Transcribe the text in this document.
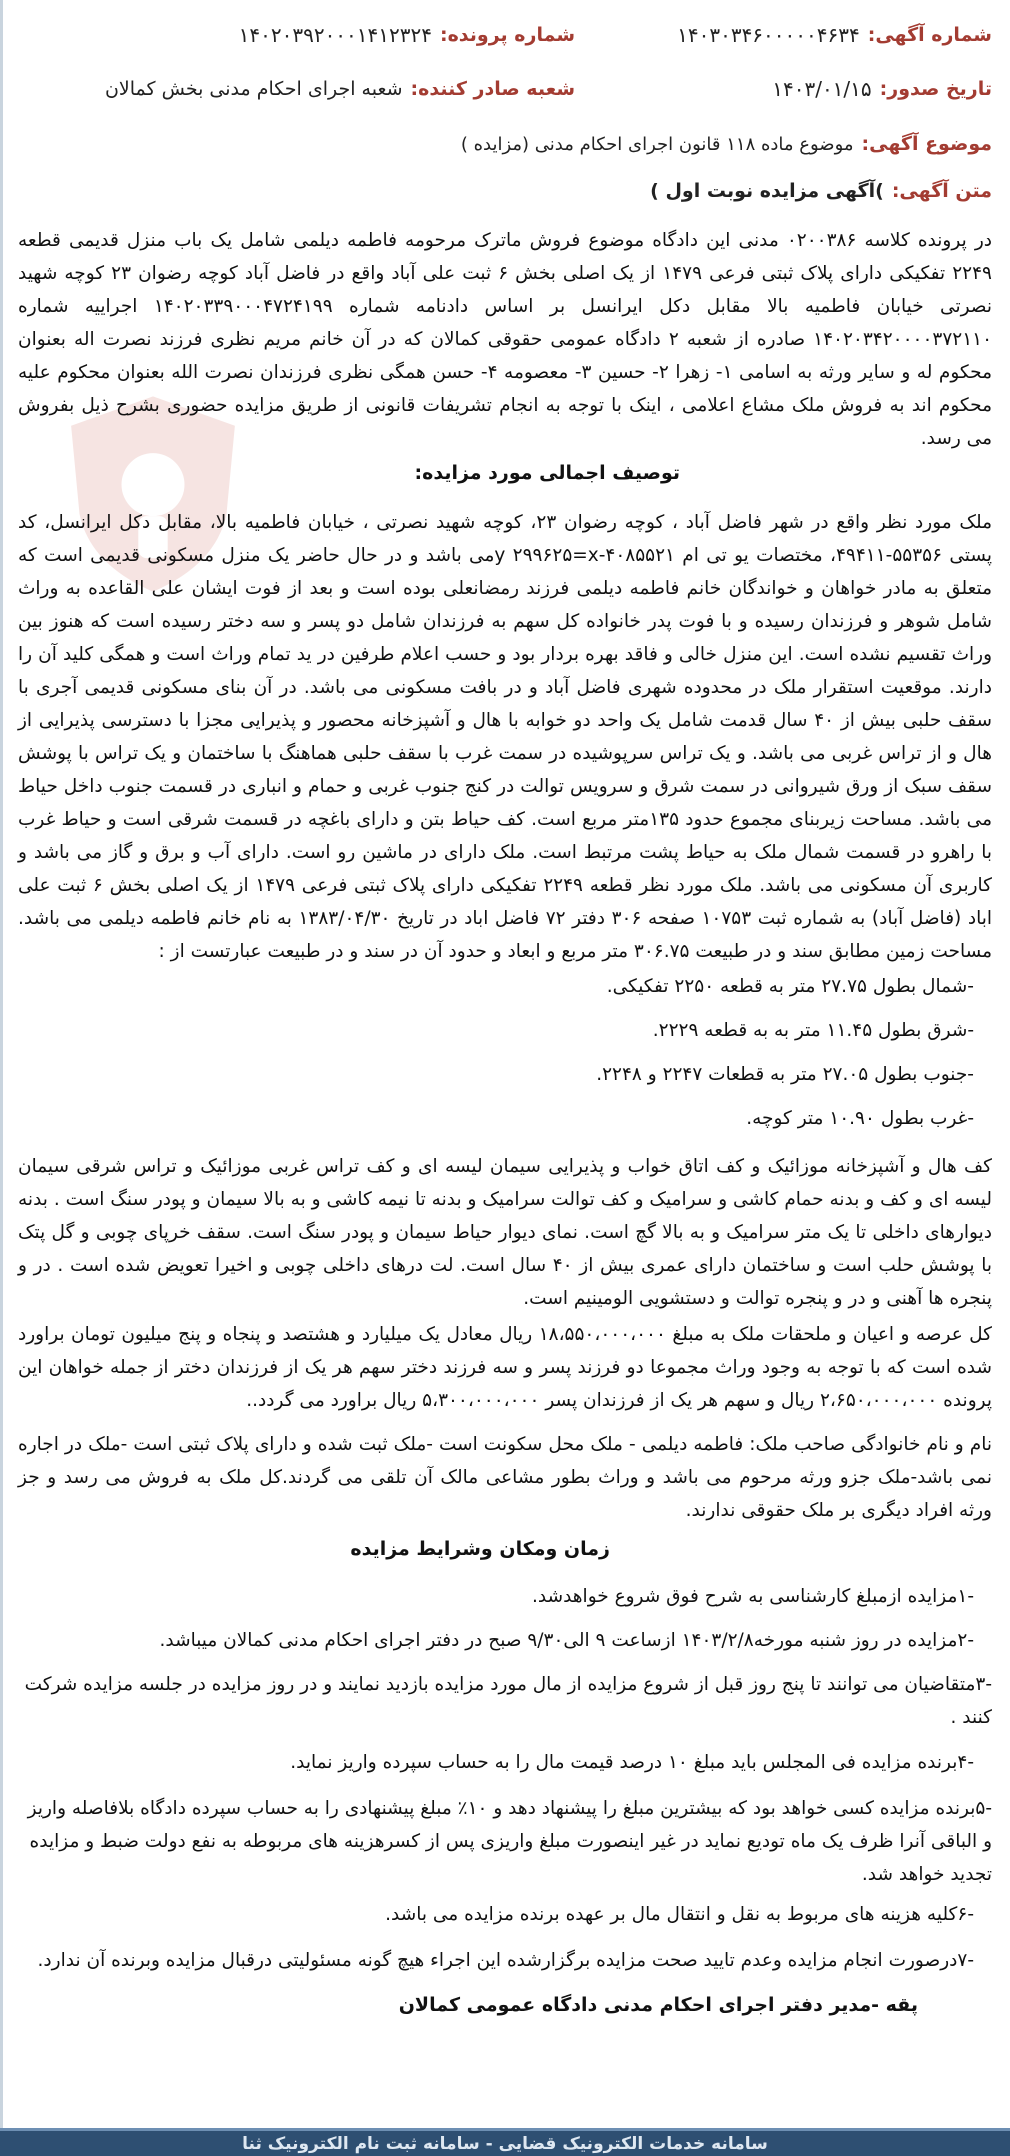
شماره آگهی:
۱۴۰۳۰۳۴۶۰۰۰۰۰۴۶۳۴
شماره پرونده:
۱۴۰۲۰۳۹۲۰۰۰۱۴۱۲۳۲۴
تاریخ صدور:
۱۴۰۳/۰۱/۱۵
شعبه صادر کننده:
شعبه اجرای احکام مدنی بخش کمالان
موضوع آگهی:
موضوع ماده ۱۱۸ قانون اجرای احکام مدنی (مزایده )
متن آگهی:
)آگهی مزایده نوبت اول )

در پرونده کلاسه ۰۲۰۰۳۸۶ مدنی این دادگاه موضوع فروش ماترک مرحومه فاطمه دیلمی شامل یک باب منزل قدیمی قطعه ۲۲۴۹ تفکیکی دارای پلاک ثبتی فرعی ۱۴۷۹ از یک اصلی بخش ۶ ثبت علی آباد واقع در فاضل آباد کوچه رضوان ۲۳ کوچه شهید نصرتی خیابان فاطمیه بالا مقابل دکل ایرانسل بر اساس دادنامه شماره ۱۴۰۲۰۳۳۹۰۰۰۴۷۲۴۱۹۹ اجراییه شماره ۱۴۰۲۰۳۴۲۰۰۰۰۳۷۲۱۱۰ صادره از شعبه ۲ دادگاه عمومی حقوقی کمالان که در آن خانم مریم نظری فرزند نصرت اله بعنوان محکوم له و سایر ورثه به اسامی ۱- زهرا ۲- حسین ۳- معصومه ۴- حسن همگی نظری فرزندان نصرت الله بعنوان محکوم علیه محکوم اند به فروش ملک مشاع اعلامی ، اینک با توجه به انجام تشریفات قانونی از طریق مزایده حضوری بشرح ذیل بفروش می رسد.

توصیف اجمالی مورد مزایده:

ملک مورد نظر واقع در شهر فاضل آباد ، کوچه رضوان ۲۳، کوچه شهید نصرتی ، خیابان فاطمیه بالا، مقابل دکل ایرانسل، کد پستی ۵۵۳۵۶-۴۹۴۱۱، مختصات یو تی ام ۴۰۸۵۵۲۱-y ۲۹۹۶۲۵=xمی باشد و در حال حاضر یک منزل مسکونی قدیمی است که متعلق به مادر خواهان و خواندگان خانم فاطمه دیلمی فرزند رمضانعلی بوده است و بعد از فوت ایشان علی القاعده به وراث شامل شوهر و فرزندان رسیده و با فوت پدر خانواده کل سهم به فرزندان شامل دو پسر و سه دختر رسیده است که هنوز بین وراث تقسیم نشده است. این منزل خالی و فاقد بهره بردار بود و حسب اعلام طرفین در ید تمام وراث است و همگی کلید آن را دارند. موقعیت استقرار ملک در محدوده شهری فاضل آباد و در بافت مسکونی می باشد. در آن بنای مسکونی قدیمی آجری با سقف حلبی بیش از ۴۰ سال قدمت شامل یک واحد دو خوابه با هال و آشپزخانه محصور و پذیرایی مجزا با دسترسی پذیرایی از هال و از تراس غربی می باشد. و یک تراس سرپوشیده در سمت غرب با سقف حلبی هماهنگ با ساختمان و یک تراس با پوشش سقف سبک از ورق شیروانی در سمت شرق و سرویس توالت در کنج جنوب غربی و حمام و انباری در قسمت جنوب داخل حیاط می باشد. مساحت زیربنای مجموع حدود ۱۳۵متر مربع است. کف حیاط بتن و دارای باغچه در قسمت شرقی است و حیاط غرب با راهرو در قسمت شمال ملک به حیاط پشت مرتبط است. ملک دارای در ماشین رو است. دارای آب و برق و گاز می باشد و کاربری آن مسکونی می باشد. ملک مورد نظر قطعه ۲۲۴۹ تفکیکی دارای پلاک ثبتی فرعی ۱۴۷۹ از یک اصلی بخش ۶ ثبت علی اباد (فاضل آباد) به شماره ثبت ۱۰۷۵۳ صفحه ۳۰۶ دفتر ۷۲ فاضل اباد در تاریخ ۱۳۸۳/۰۴/۳۰ به نام خانم فاطمه دیلمی می باشد. مساحت زمین مطابق سند و در طبیعت ۳۰۶.۷۵ متر مربع و ابعاد و حدود آن در سند و در طبیعت عبارتست از :

-شمال بطول ۲۷.۷۵ متر به قطعه ۲۲۵۰ تفکیکی.
-شرق بطول ۱۱.۴۵ متر به به قطعه ۲۲۲۹.
-جنوب بطول ۲۷.۰۵ متر به قطعات ۲۲۴۷ و ۲۲۴۸.
-غرب بطول ۱۰.۹۰ متر کوچه.

کف هال و آشپزخانه موزائیک و کف اتاق خواب و پذیرایی سیمان لیسه ای و کف تراس غربی موزائیک و تراس شرقی سیمان لیسه ای و کف و بدنه حمام کاشی و سرامیک و کف توالت سرامیک و بدنه تا نیمه کاشی و به بالا سیمان و پودر سنگ است . بدنه دیوارهای داخلی تا یک متر سرامیک و به بالا گچ است. نمای دیوار حیاط سیمان و پودر سنگ است. سقف خرپای چوبی و گل پتک با پوشش حلب است و ساختمان دارای عمری بیش از ۴۰ سال است. لت درهای داخلی چوبی و اخیرا تعویض شده است . در و پنجره ها آهنی و در و پنجره توالت و دستشویی الومینیم است.

کل عرصه و اعیان و ملحقات ملک به مبلغ ۱۸،۵۵۰،۰۰۰،۰۰۰ ریال معادل یک میلیارد و هشتصد و پنجاه و پنج میلیون تومان براورد شده است که با توجه به وجود وراث مجموعا دو فرزند پسر و سه فرزند دختر سهم هر یک از فرزندان دختر از جمله خواهان این پرونده ۲،۶۵۰،۰۰۰،۰۰۰ ریال و سهم هر یک از فرزندان پسر ۵،۳۰۰،۰۰۰،۰۰۰ ریال براورد می گردد..

نام و نام خانوادگی صاحب ملک: فاطمه دیلمی - ملک محل سکونت است -ملک ثبت شده و دارای پلاک ثبتی است -ملک در اجاره نمی باشد-ملک جزو ورثه مرحوم می باشد و وراث بطور مشاعی مالک آن تلقی می گردند.کل ملک به فروش می رسد و جز ورثه افراد دیگری بر ملک حقوقی ندارند.

زمان ومکان وشرایط مزایده
-۱مزایده ازمبلغ کارشناسی به شرح فوق شروع خواهدشد.
-۲مزایده در روز شنبه مورخه۱۴۰۳/۲/۸ ازساعت ۹ الی۹/۳۰ صبح در دفتر اجرای احکام مدنی کمالان میباشد.
-۳متقاضیان می توانند تا پنج روز قبل از شروع مزایده از مال مورد مزایده بازدید نمایند و در روز مزایده در جلسه مزایده شرکت کنند .
-۴برنده مزایده فی المجلس باید مبلغ ۱۰ درصد قیمت مال را به حساب سپرده واریز نماید.
-۵برنده مزایده کسی خواهد بود که بیشترین مبلغ را پیشنهاد دهد و ۱۰٪ مبلغ پیشنهادی را به حساب سپرده دادگاه بلافاصله واریز و الباقی آنرا ظرف یک ماه تودیع نماید در غیر اینصورت مبلغ واریزی پس از کسرهزینه های مربوطه به نفع دولت ضبط و مزایده تجدید خواهد شد.
-۶کلیه هزینه های مربوط به نقل و انتقال مال بر عهده برنده مزایده می باشد.
-۷درصورت انجام مزایده وعدم تایید صحت مزایده برگزارشده این اجراء هیچ گونه مسئولیتی درقبال مزایده وبرنده آن ندارد.
پقه -مدیر دفتر اجرای احکام مدنی دادگاه عمومی کمالان
سامانه خدمات الکترونیک قضایی - سامانه ثبت نام الکترونیک ثنا
